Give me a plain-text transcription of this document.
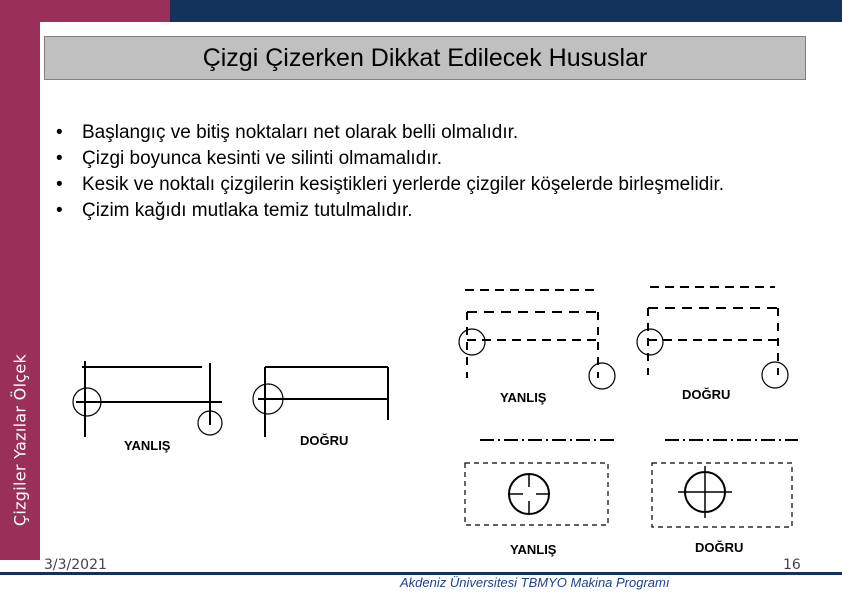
Çizgiler Yazılar Ölçek
Çizgi Çizerken Dikkat Edilecek Hususlar
• Başlangıç ve bitiş noktaları net olarak belli olmalıdır.
• Çizgi boyunca kesinti ve silinti olmamalıdır.
• Kesik ve noktalı çizgilerin kesiştikleri yerlerde çizgiler köşelerde birleşmelidir.
• Çizim kağıdı mutlaka temiz tutulmalıdır.
YANLIŞ	DOĞRU
YANLIŞ	DOĞRU
YANLIŞ	DOĞRU
3/3/2021
Akdeniz Üniversitesi TBMYO Makina Programı
16
